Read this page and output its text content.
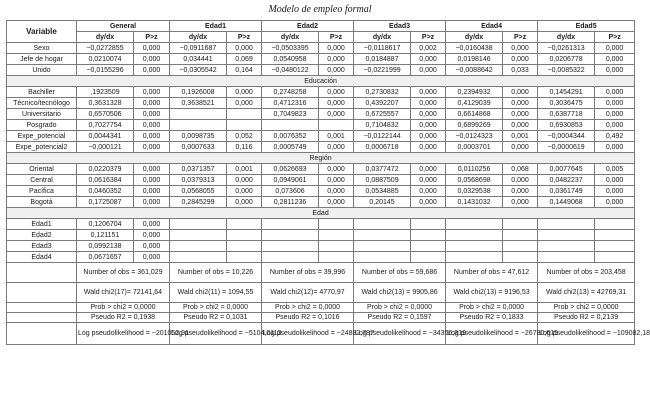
Modelo de empleo formal
Variable	General		Edad1		Edad2		Edad3		Edad4		Edad5	
	dy/dx	P>z	dy/dx	P>z	dy/dx	P>z	dy/dx	P>z	dy/dx	P>z	dy/dx	P>z
Sexo	−0,0272855	0,000	−0,0911687	0,000	−0,0503395	0,000	−0,0118617	0,002	−0,0160438	0,000	−0,0261313	0,000
Jefe de hogar	0,0210074	0,000	0,034441	0,069	0,0540958	0,000	0,0184887	0,000	0,0198146	0,000	0,0206778	0,000
Unido	−0,0155296	0,000	−0,0305542	0,164	−0,0480122	0,000	−0,0221999	0,000	−0,0088642	0,033	−0,0085322	0,000
Educación												
Bachiller	,1923509	0,000	0,1926008	0,000	0,2748258	0,000	0,2730832	0,000	0,2394932	0,000	0,1454291	0,000
Técnico/tecnólogo	0,3631328	0,000	0,3638521	0,000	0,4712316	0,000	0,4392207	0,000	0,4129039	0,000	0,3036475	0,000
Universitario	0,6570506	0,000			0,7049823	0,000	0,6725557	0,000	0,6614868	0,000	0,6387718	0,000
Posgrado	0,7027754	0,000					0,7104832	0,000	0,6899269	0,000	0,6930853	0,000
Expe_potencial	0,0044341	0,000	0,0098735	0,052	0,0076352	0,001	−0,0122144	0,000	−0,0124323	0,001	−0,0004344	0,492
Expe_potencial2	−0,000121	0,000	0,0007633	0,116	0,0005749	0,000	0,0006718	0,000	0,0003701	0,000	−0,0000619	0,000
Región												
Oriental	0,0220379	0,000	0,0371357	0,001	0,0626693	0,000	0,0377472	0,000	0,0110256	0,068	0,0077645	0,005
Central	0,0616384	0,000	0,0379313	0,000	0,0949061	0,000	0,0887509	0,000	0,0568698	0,000	0,0482237	0,000
Pacífica	0,0460352	0,000	0,0568055	0,000	0,073606	0,000	0,0534885	0,000	0,0329538	0,000	0,0361749	0,000
Bogotá	0,1725087	0,000	0,2845299	0,000	0,2811236	0,000	0,20145	0,000	0,1431032	0,000	0,1449068	0,000
Edad												
Edad1	0,1206704	0,000										
Edad2	0,121151	0,000										
Edad3	0,0992138	0,000										
Edad4	0,0671657	0,000										
	Number of obs = 361,029		Number of obs = 10,226		Number of obs = 39,996		Number of obs = 59,686		Number of obs = 47,612		Number of obs = 203,458	
	Wald chi2(17)= 72141,64		Wald chi2(11) = 1094,55		Wald chi2(12)= 4770,97		Wald chi2(13) = 9905,86		Wald chi2(13) = 9196,53		Wald chi2(13) = 42769,31	
	Prob > chi2 = 0,0000		Prob > chi2 = 0,0000		Prob > chi2 = 0,0000		Prob > chi2 = 0,0000		Prob > chi2 = 0,0000		Prob > chi2 = 0,0000	
	Pseudo R2 = 0,1938		Pseudo R2 = 0,1031		Pseudo R2 = 0,1016		Pseudo R2 = 0,1597		Pseudo R2 = 0,1833		Pseudo R2 = 0,2139	
	Log pseudolikelihood = −201052,91		Log pseudolikelihood = −5104,0113		Log pseudolikelihood = −24882,787		Log pseudolikelihood = −34356,319		Log pseudolikelihood = −26780,615		Log pseudolikelihood = −109082,18	
